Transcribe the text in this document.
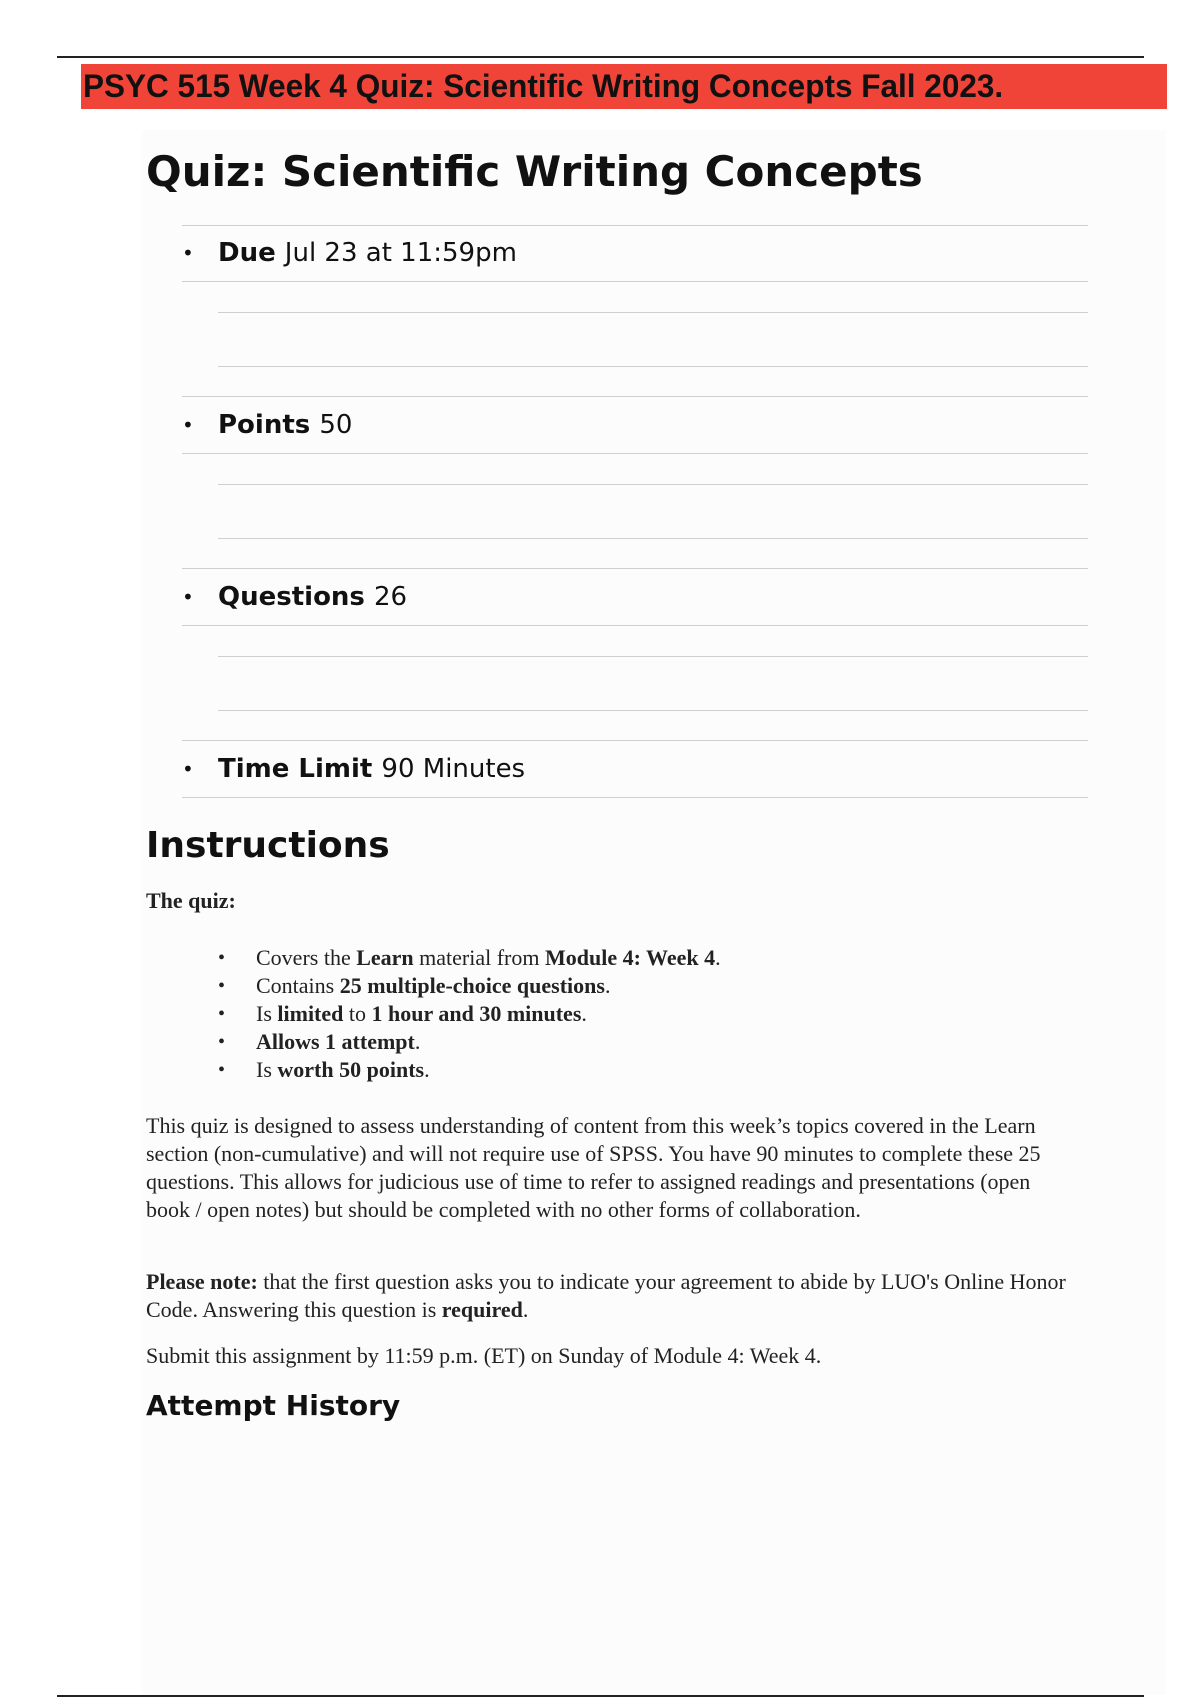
PSYC 515 Week 4 Quiz: Scientific Writing Concepts Fall 2023.
Quiz: Scientific Writing Concepts
• Due Jul 23 at 11:59pm
• Points 50
• Questions 26
• Time Limit 90 Minutes
Instructions
The quiz:
• Covers the Learn material from Module 4: Week 4.
• Contains 25 multiple-choice questions.
• Is limited to 1 hour and 30 minutes.
• Allows 1 attempt.
• Is worth 50 points.

This quiz is designed to assess understanding of content from this week’s topics covered in the Learn section (non-cumulative) and will not require use of SPSS. You have 90 minutes to complete these 25 questions. This allows for judicious use of time to refer to assigned readings and presentations (open book / open notes) but should be completed with no other forms of collaboration.

Please note: that the first question asks you to indicate your agreement to abide by LUO's Online Honor Code. Answering this question is required.

Submit this assignment by 11:59 p.m. (ET) on Sunday of Module 4: Week 4.

Attempt History
